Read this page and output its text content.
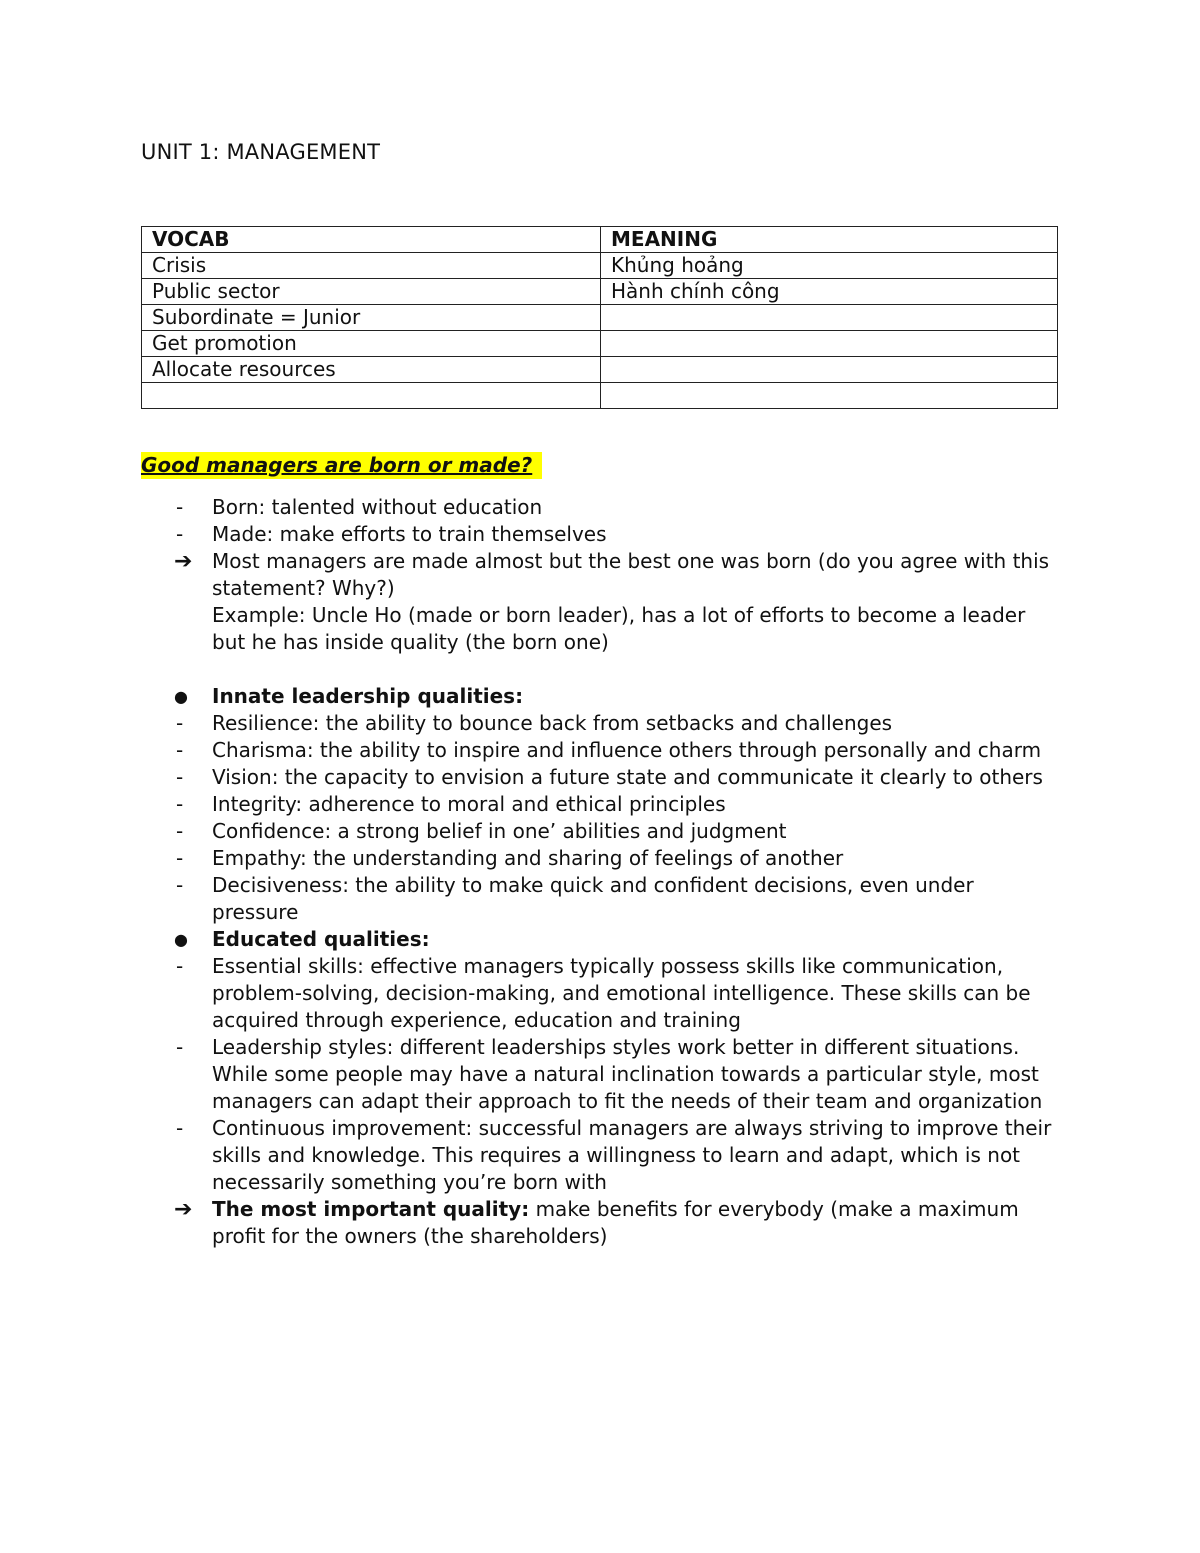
UNIT 1: MANAGEMENT
VOCAB	MEANING
Crisis	Khủng hoảng
Public sector	Hành chính công
Subordinate = Junior	
Get promotion	
Allocate resources	

Good managers are born or made?
-	Born: talented without education
-	Made: make efforts to train themselves
➔ Most managers are made almost but the best one was born (do you agree with this statement? Why?)
Example: Uncle Ho (made or born leader), has a lot of efforts to become a leader but he has inside quality (the born one)
●	Innate leadership qualities:
-	Resilience: the ability to bounce back from setbacks and challenges
-	Charisma: the ability to inspire and influence others through personally and charm
-	Vision: the capacity to envision a future state and communicate it clearly to others
-	Integrity: adherence to moral and ethical principles
-	Confidence: a strong belief in one’ abilities and judgment
-	Empathy: the understanding and sharing of feelings of another
-	Decisiveness: the ability to make quick and confident decisions, even under pressure
●	Educated qualities:
-	Essential skills: effective managers typically possess skills like communication, problem-solving, decision-making, and emotional intelligence. These skills can be acquired through experience, education and training
-	Leadership styles: different leaderships styles work better in different situations. While some people may have a natural inclination towards a particular style, most managers can adapt their approach to fit the needs of their team and organization
-	Continuous improvement: successful managers are always striving to improve their skills and knowledge. This requires a willingness to learn and adapt, which is not necessarily something you’re born with
➔ The most important quality: make benefits for everybody (make a maximum profit for the owners (the shareholders)
